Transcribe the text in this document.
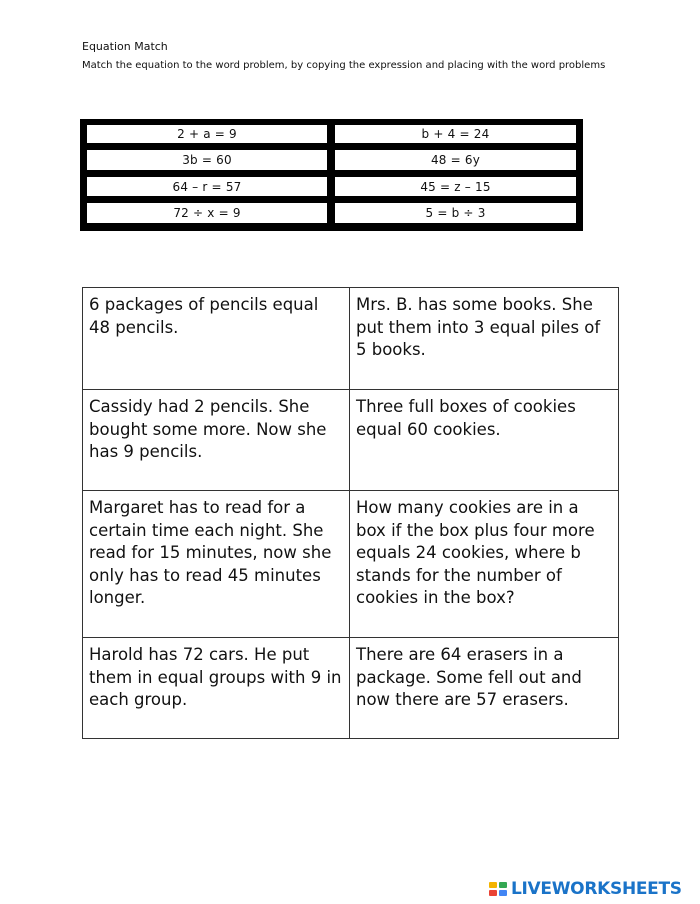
Equation Match
Match the equation to the word problem, by copying the expression and placing with the word problems
2 + a = 9	b + 4 = 24
3b = 60	48 = 6y
64 – r = 57	45 = z – 15
72 ÷ x = 9	5 = b ÷ 3
6 packages of pencils equal 48 pencils.	Mrs. B. has some books. She put them into 3 equal piles of 5 books.
Cassidy had 2 pencils. She bought some more. Now she has 9 pencils.	Three full boxes of cookies equal 60 cookies.
Margaret has to read for a certain time each night. She read for 15 minutes, now she only has to read 45 minutes longer.	How many cookies are in a box if the box plus four more equals 24 cookies, where b stands for the number of cookies in the box?
Harold has 72 cars. He put them in equal groups with 9 in each group.	There are 64 erasers in a package. Some fell out and now there are 57 erasers.
LIVEWORKSHEETS
